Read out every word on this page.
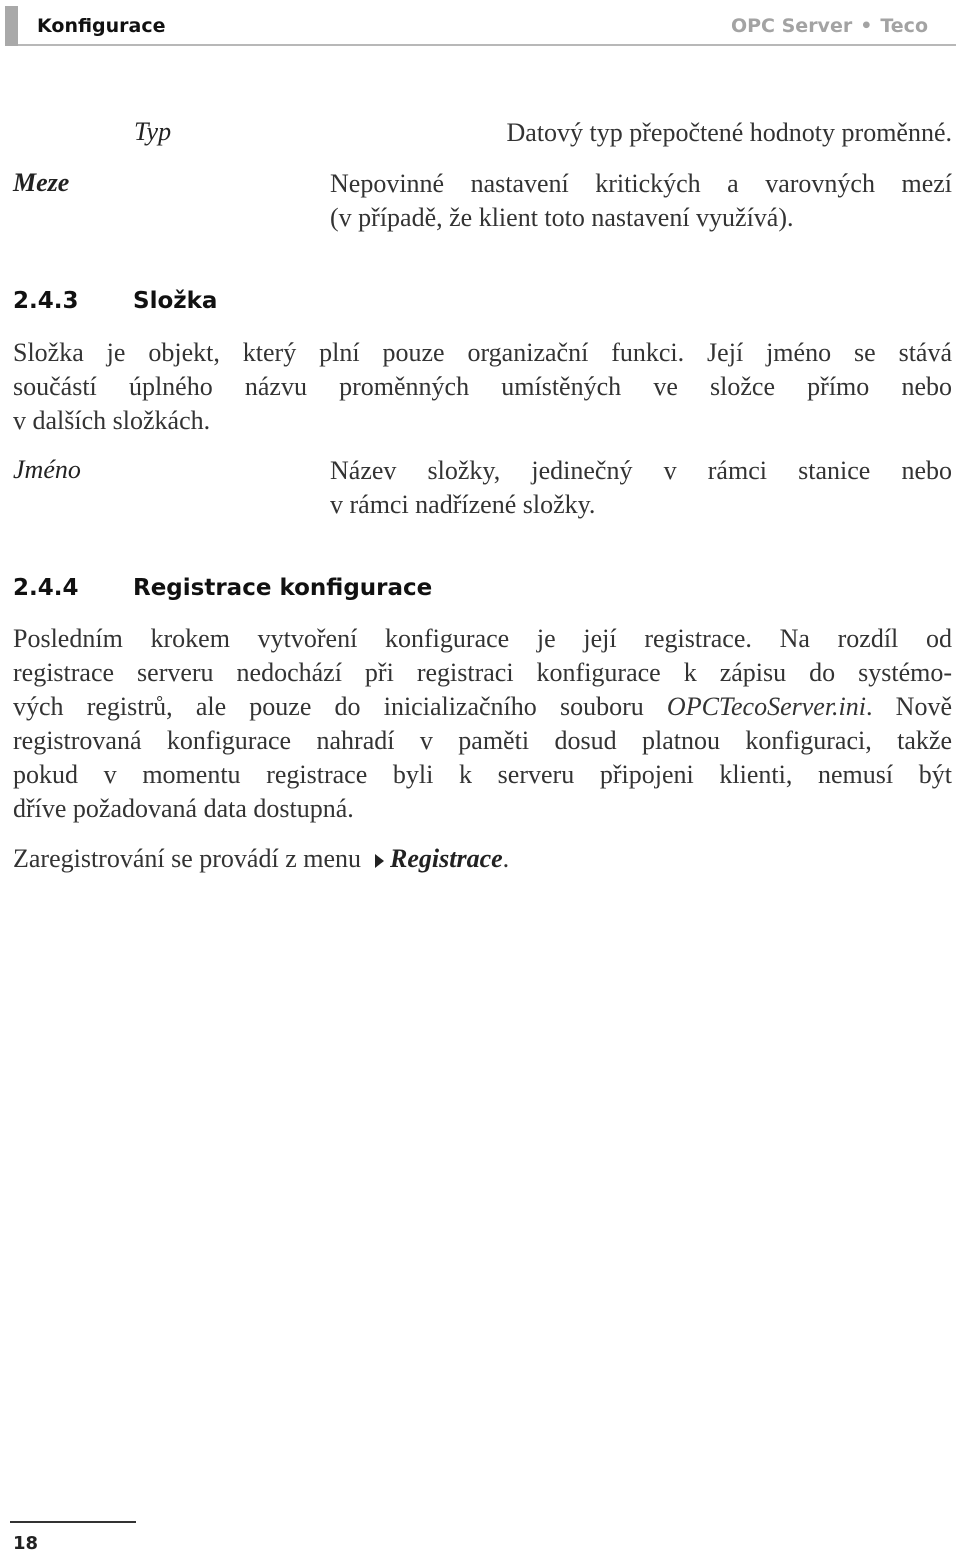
Konfigurace	OPC Server • Teco
Typ	Datový typ přepočtené hodnoty proměnné.
Meze	Nepovinné nastavení kritických a varovných mezí
(v případě, že klient toto nastavení využívá).
2.4.3 Složka
Složka je objekt, který plní pouze organizační funkci. Její jméno se stává
součástí úplného názvu proměnných umístěných ve složce přímo nebo
v dalších složkách.
Jméno	Název složky, jedinečný v rámci stanice nebo
v rámci nadřízené složky.
2.4.4 Registrace konfigurace
Posledním krokem vytvoření konfigurace je její registrace. Na rozdíl od
registrace serveru nedochází při registraci konfigurace k zápisu do systémo-
vých registrů, ale pouze do inicializačního souboru OPCTecoServer.ini. Nově
registrovaná konfigurace nahradí v paměti dosud platnou konfiguraci, takže
pokud v momentu registrace byli k serveru připojeni klienti, nemusí být
dříve požadovaná data dostupná.
Zaregistrování se provádí z menu Registrace.
18
